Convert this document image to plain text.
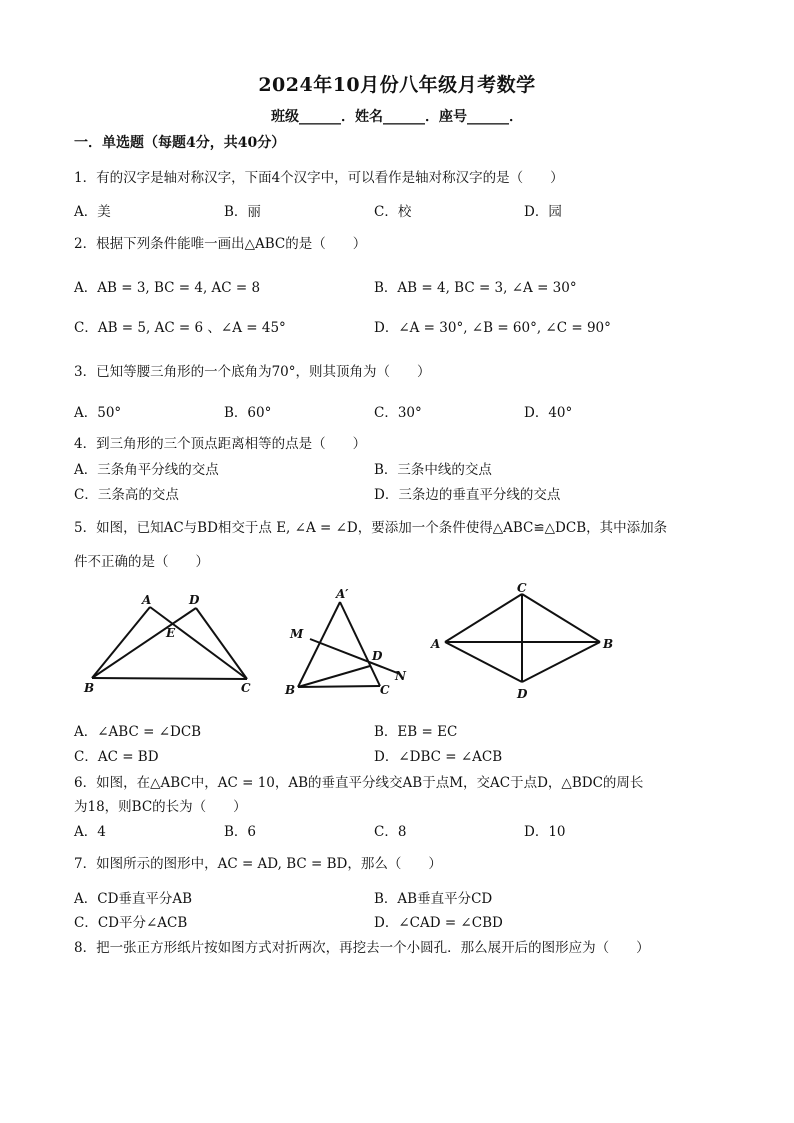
2024年10月份八年级月考数学
班级______．姓名______．座号______．
一．单选题（每题4分，共40分）
1．有的汉字是轴对称汉字，下面4个汉字中，可以看作是轴对称汉字的是（　　）
A．美	B．丽	C．校	D．园
2．根据下列条件能唯一画出△ABC的是（　　）
A．AB = 3, BC = 4, AC = 8	B．AB = 4, BC = 3, ∠A = 30°
C．AB = 5, AC = 6 、∠A = 45°	D．∠A = 30°, ∠B = 60°, ∠C = 90°
3．已知等腰三角形的一个底角为70°，则其顶角为（　　）
A．50°	B．60°	C．30°	D．40°
4．到三角形的三个顶点距离相等的点是（　　）
A．三条角平分线的交点	B．三条中线的交点
C．三条高的交点	D．三条边的垂直平分线的交点
5．如图，已知AC与BD相交于点 E, ∠A = ∠D，要添加一个条件使得△ABC≌△DCB，其中添加条
件不正确的是（　　）
A	D
E
B	C
A′
M
D
N
B	C
C
A	B
D
A．∠ABC = ∠DCB	B．EB = EC
C．AC = BD	D．∠DBC = ∠ACB
6．如图，在△ABC中，AC = 10，AB的垂直平分线交AB于点M，交AC于点D，△BDC的周长
为18，则BC的长为（　　）
A．4	B．6	C．8	D．10
7．如图所示的图形中，AC = AD, BC = BD，那么（　　）
A．CD垂直平分AB	B．AB垂直平分CD
C．CD平分∠ACB	D．∠CAD = ∠CBD
8．把一张正方形纸片按如图方式对折两次，再挖去一个小圆孔．那么展开后的图形应为（　　）
